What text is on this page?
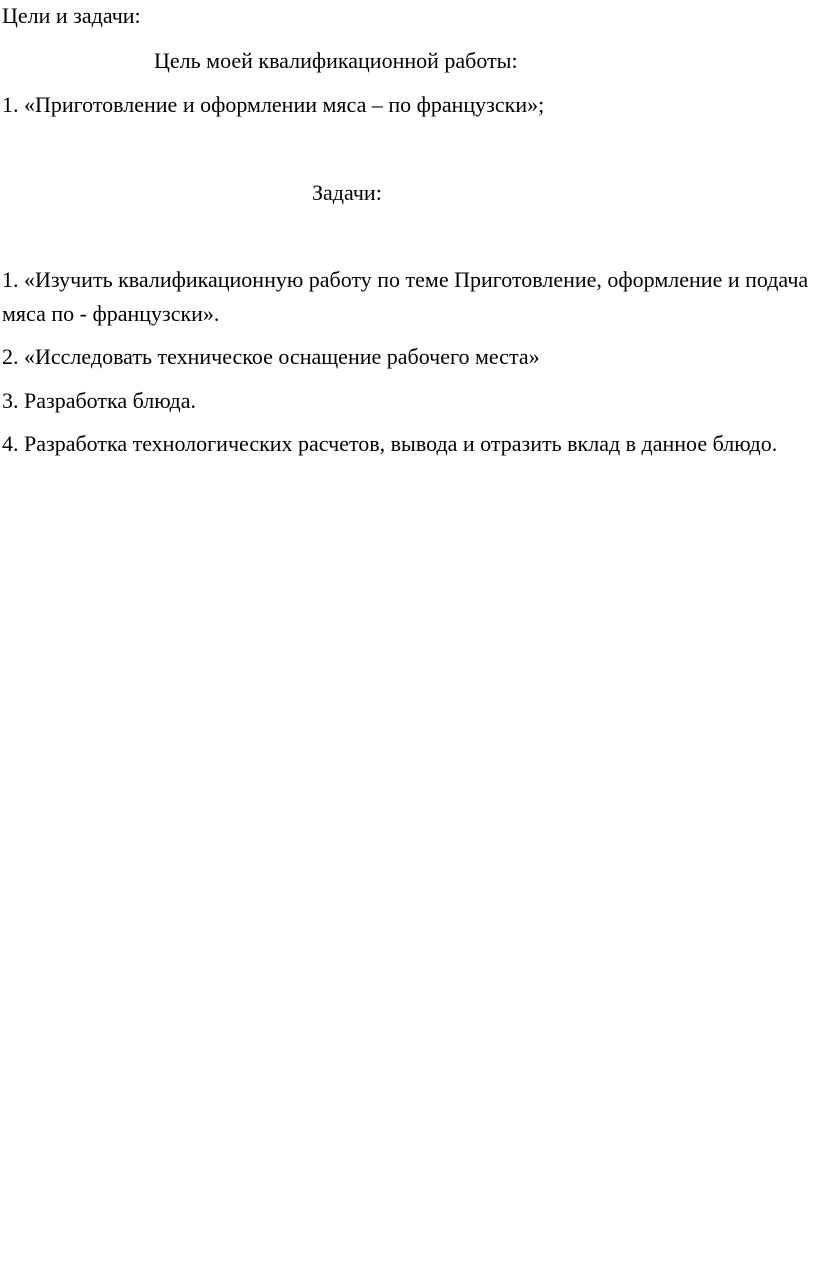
Цели и задачи:
Цель моей квалификационной работы:
1. «Приготовление и оформлении мяса – по французски»;
Задачи:
1. «Изучить квалификационную работу по теме Приготовление, оформление и подача мяса по - французски».
2. «Исследовать техническое оснащение рабочего места»
3. Разработка блюда.
4. Разработка технологических расчетов, вывода и отразить вклад в данное блюдо.
